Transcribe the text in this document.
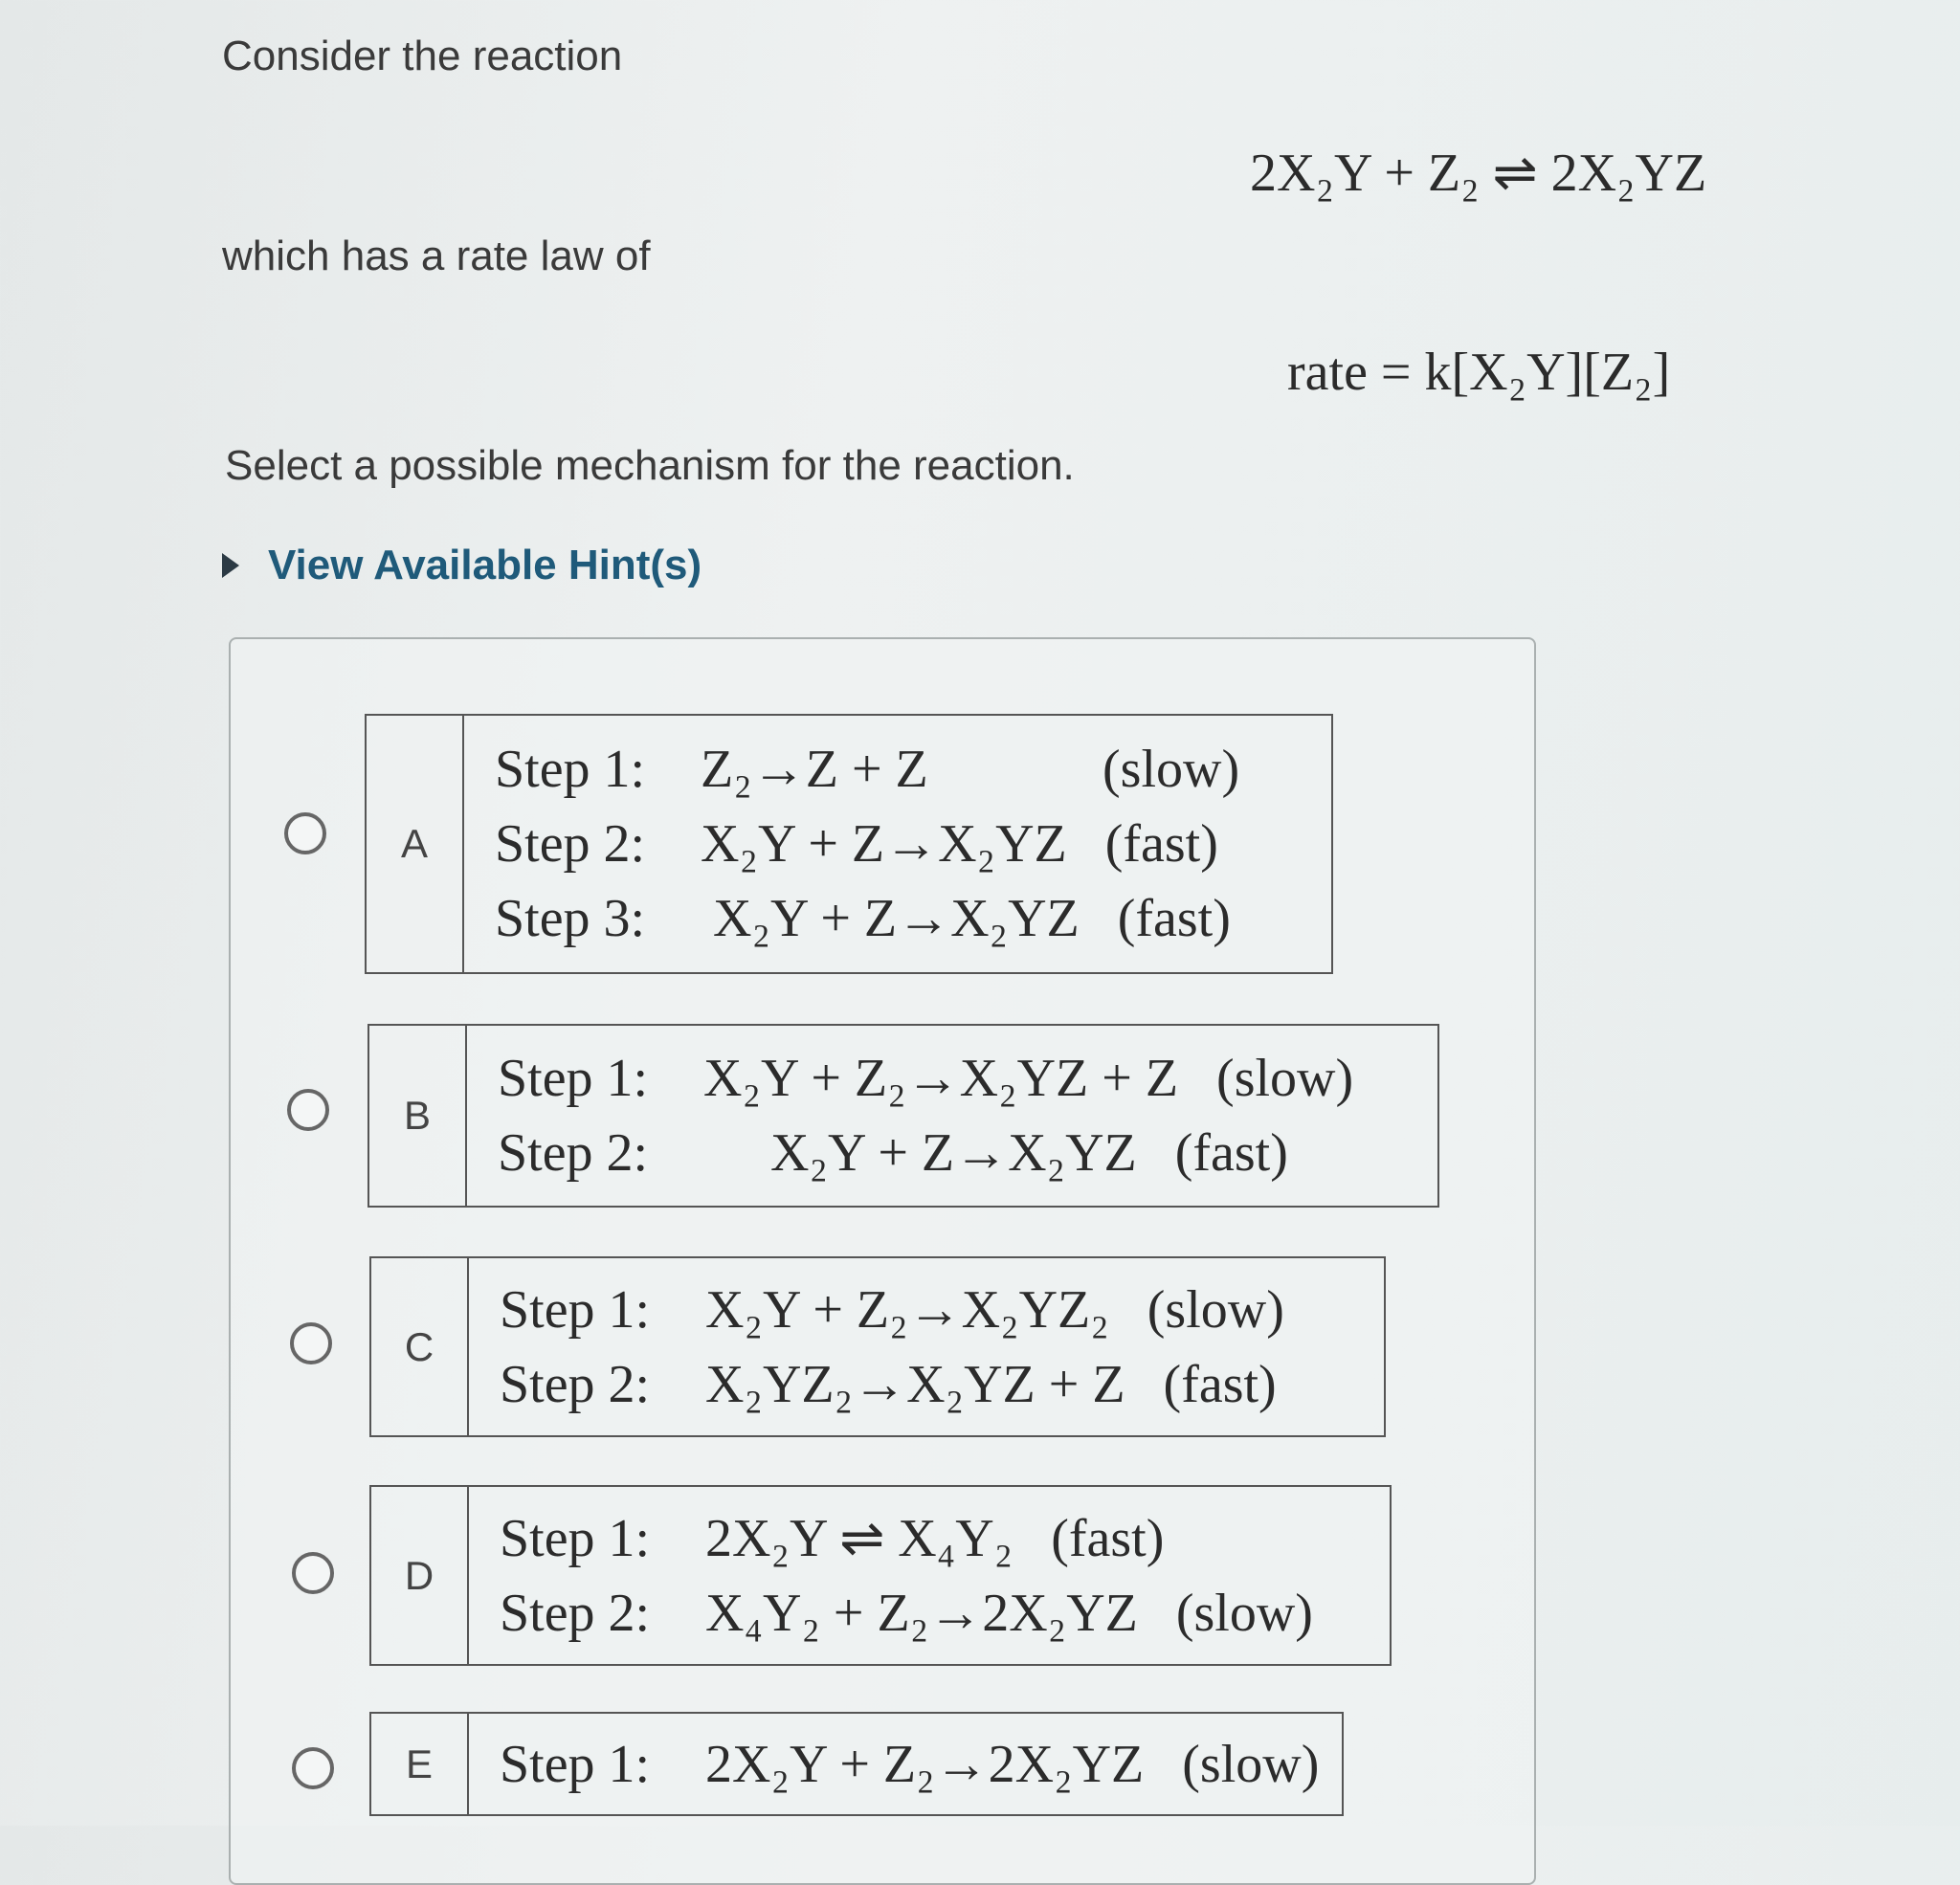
Consider the reaction
2X₂Y + Z₂ ⇌ 2X₂YZ
which has a rate law of
rate = k[X₂Y][Z₂]
Select a possible mechanism for the reaction.
View Available Hint(s)
A
Step 1:	Z₂→Z + Z	(slow)
Step 2:	X₂Y + Z→X₂YZ (fast)
Step 3:	X₂Y + Z→X₂YZ (fast)
B
Step 1:	X₂Y + Z₂→X₂YZ + Z (slow)
Step 2:	X₂Y + Z→X₂YZ (fast)
C
Step 1:	X₂Y + Z₂→X₂YZ₂ (slow)
Step 2:	X₂YZ₂→X₂YZ + Z (fast)
D
Step 1:	2X₂Y ⇌ X₄Y₂ (fast)
Step 2:	X₄Y₂ + Z₂→2X₂YZ (slow)
E	Step 1:	2X₂Y + Z₂→2X₂YZ (slow)
